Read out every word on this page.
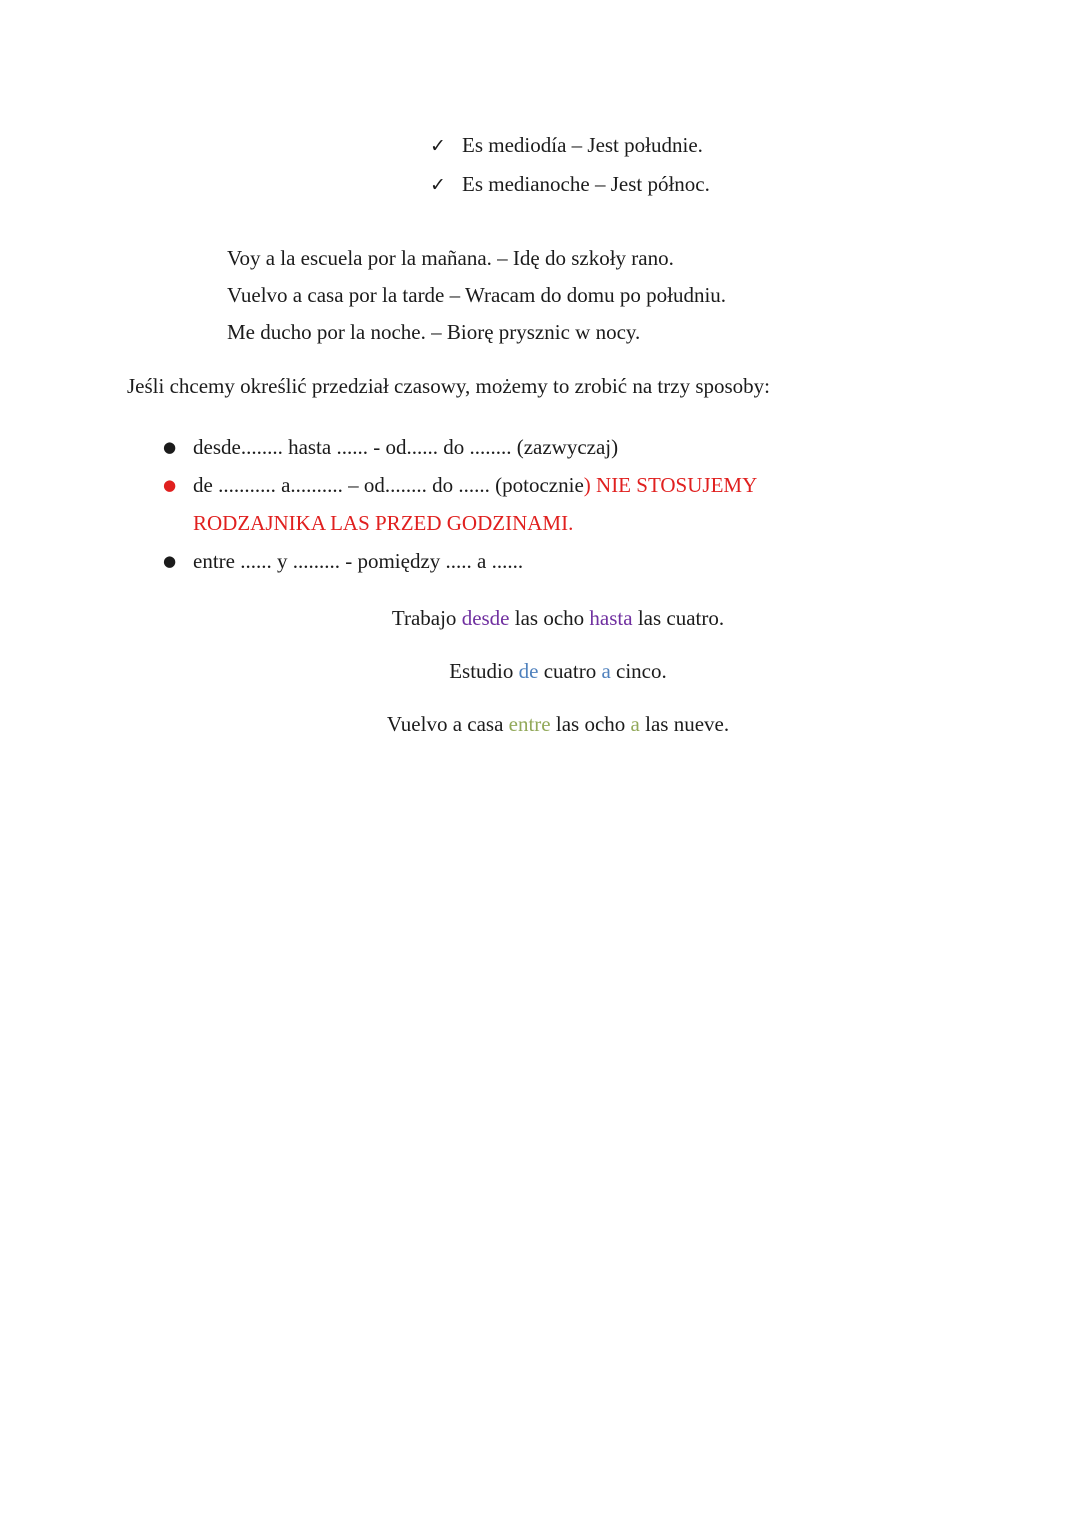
✓ Es mediodía – Jest południe.
✓ Es medianoche – Jest północ.
Voy a la escuela por la mañana. – Idę do szkoły rano.
Vuelvo a casa por la tarde – Wracam do domu po południu.
Me ducho por la noche. – Biorę prysznic w nocy.
Jeśli chcemy określić przedział czasowy, możemy to zrobić na trzy sposoby:
● desde........ hasta ...... - od...... do ........ (zazwyczaj)
● de ........... a.......... – od........ do ...... (potocznie) NIE STOSUJEMY
RODZAJNIKA LAS PRZED GODZINAMI.
● entre ...... y ......... - pomiędzy ..... a ......
Trabajo desde las ocho hasta las cuatro.
Estudio de cuatro a cinco.
Vuelvo a casa entre las ocho a las nueve.
